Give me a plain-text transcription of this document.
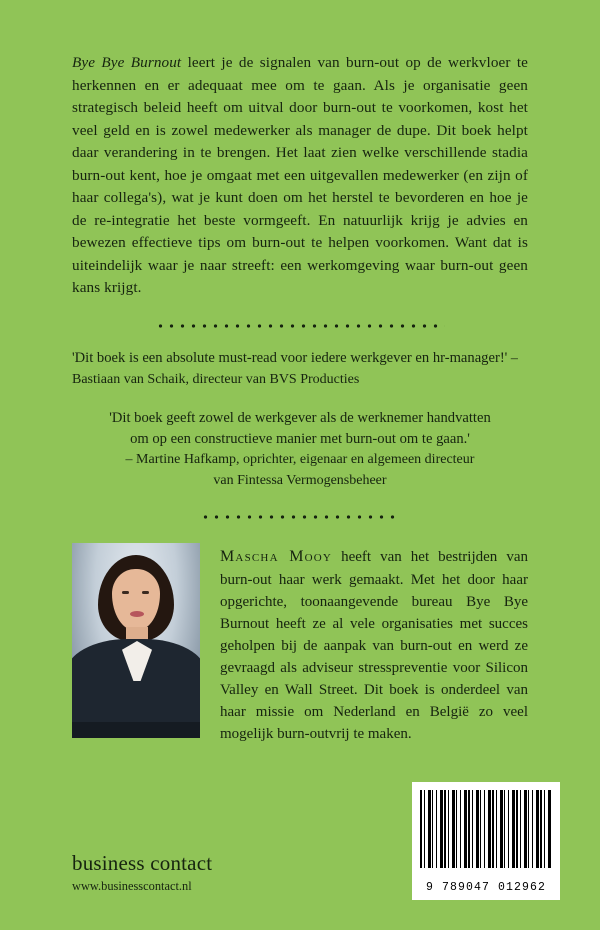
Bye Bye Burnout leert je de signalen van burn-out op de werkvloer te herkennen en er adequaat mee om te gaan. Als je organisatie geen strategisch beleid heeft om uitval door burn-out te voorkomen, kost het veel geld en is zowel medewerker als manager de dupe. Dit boek helpt daar verandering in te brengen. Het laat zien welke verschillende stadia burn-out kent, hoe je omgaat met een uitgevallen medewerker (en zijn of haar collega's), wat je kunt doen om het herstel te bevorderen en hoe je de re-integratie het beste vormgeeft. En natuurlijk krijg je advies en bewezen effectieve tips om burn-out te helpen voorkomen. Want dat is uiteindelijk waar je naar streeft: een werkomgeving waar burn-out geen kans krijgt.

'Dit boek is een absolute must-read voor iedere werkgever en hr-manager!' – Bastiaan van Schaik, directeur van BVS Producties

'Dit boek geeft zowel de werkgever als de werknemer handvatten
om op een constructieve manier met burn-out om te gaan.'
– Martine Hafkamp, oprichter, eigenaar en algemeen directeur
van Fintessa Vermogensbeheer

Mascha Mooy heeft van het bestrijden van burn-out haar werk gemaakt. Met het door haar opgerichte, toonaangevende bureau Bye Bye Burnout heeft ze al vele organisaties met succes geholpen bij de aanpak van burn-out en werd ze gevraagd als adviseur stresspreventie voor Silicon Valley en Wall Street. Dit boek is onderdeel van haar missie om Nederland en België zo veel mogelijk burn-outvrij te maken.

business contact
www.businesscontact.nl	9 789047 012962
